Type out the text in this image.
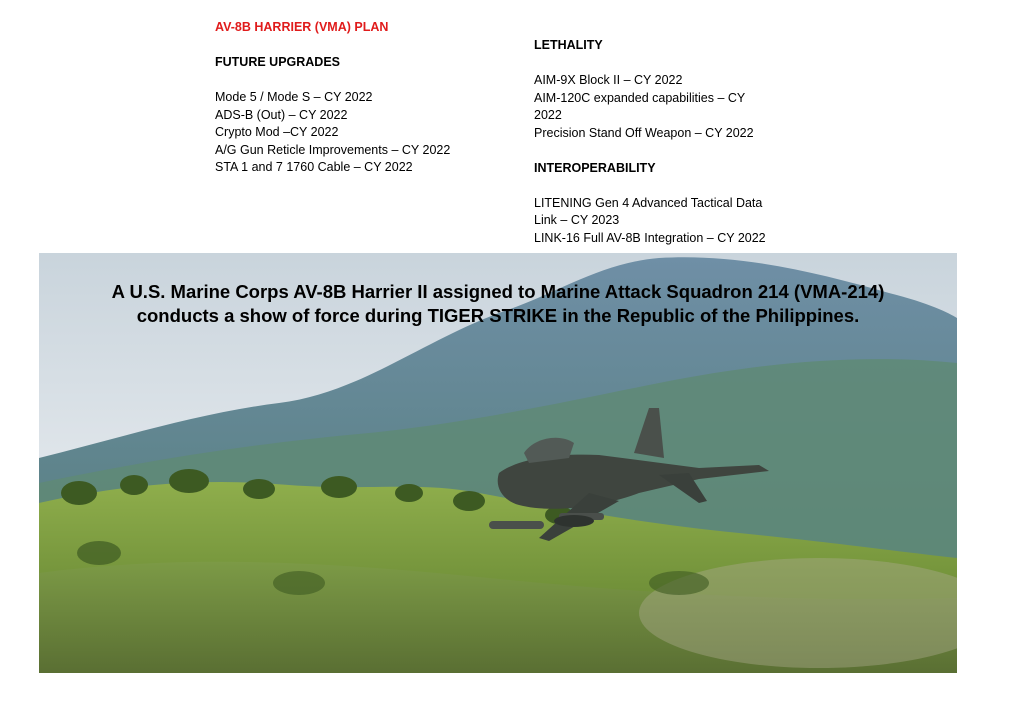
AV-8B HARRIER (VMA) PLAN
FUTURE UPGRADES
Mode 5 / Mode S – CY 2022
ADS-B (Out) – CY 2022
Crypto Mod –CY 2022
A/G Gun Reticle Improvements – CY 2022
STA 1 and 7 1760 Cable – CY 2022
LETHALITY
AIM-9X Block II – CY 2022
AIM-120C expanded capabilities – CY
2022
Precision Stand Off Weapon – CY 2022
INTEROPERABILITY
LITENING Gen 4 Advanced Tactical Data
Link – CY 2023
LINK-16 Full AV-8B Integration – CY 2022
A U.S. Marine Corps AV-8B Harrier II assigned to Marine Attack Squadron 214 (VMA-214)
conducts a show of force during TIGER STRIKE in the Republic of the Philippines.
